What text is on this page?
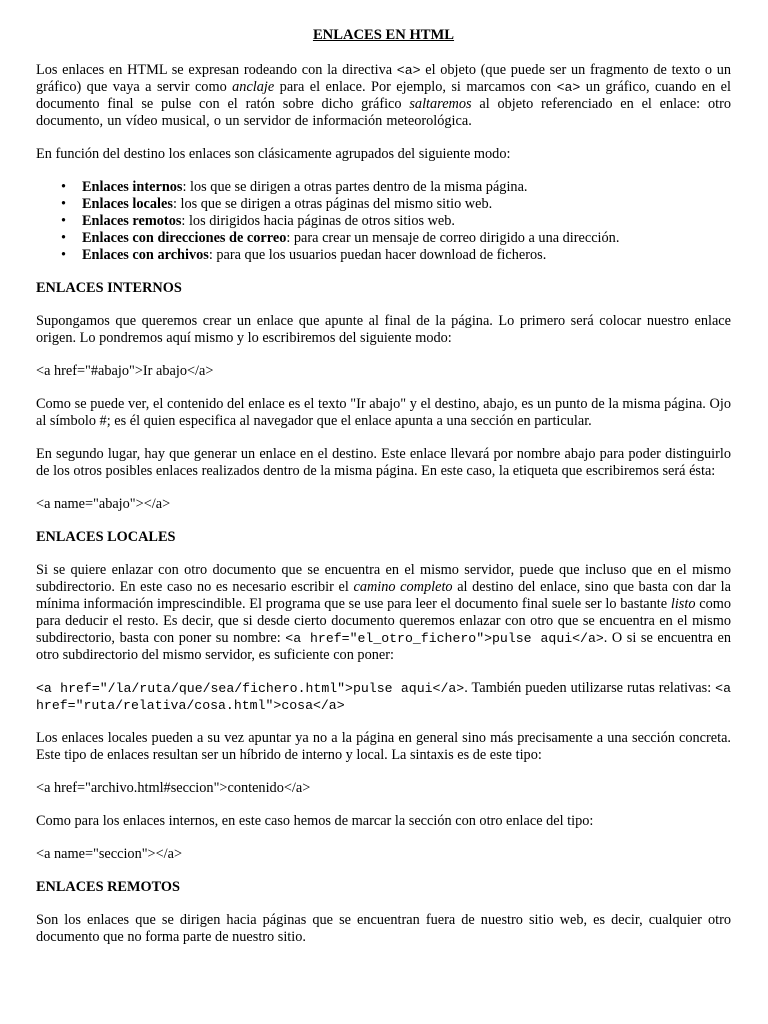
ENLACES EN HTML

Los enlaces en HTML se expresan rodeando con la directiva <a> el objeto (que puede ser un fragmento de texto o un gráfico) que vaya a servir como anclaje para el enlace. Por ejemplo, si marcamos con <a> un gráfico, cuando en el documento final se pulse con el ratón sobre dicho gráfico saltaremos al objeto referenciado en el enlace: otro documento, un vídeo musical, o un servidor de información meteorológica.

En función del destino los enlaces son clásicamente agrupados del siguiente modo:

• Enlaces internos: los que se dirigen a otras partes dentro de la misma página.
• Enlaces locales: los que se dirigen a otras páginas del mismo sitio web.
• Enlaces remotos: los dirigidos hacia páginas de otros sitios web.
• Enlaces con direcciones de correo: para crear un mensaje de correo dirigido a una dirección.
• Enlaces con archivos: para que los usuarios puedan hacer download de ficheros.

ENLACES INTERNOS

Supongamos que queremos crear un enlace que apunte al final de la página. Lo primero será colocar nuestro enlace origen. Lo pondremos aquí mismo y lo escribiremos del siguiente modo:

<a href="#abajo">Ir abajo</a>

Como se puede ver, el contenido del enlace es el texto "Ir abajo" y el destino, abajo, es un punto de la misma página. Ojo al símbolo #; es él quien especifica al navegador que el enlace apunta a una sección en particular.

En segundo lugar, hay que generar un enlace en el destino. Este enlace llevará por nombre abajo para poder distinguirlo de los otros posibles enlaces realizados dentro de la misma página. En este caso, la etiqueta que escribiremos será ésta:

<a name="abajo"></a>

ENLACES LOCALES

Si se quiere enlazar con otro documento que se encuentra en el mismo servidor, puede que incluso que en el mismo subdirectorio. En este caso no es necesario escribir el camino completo al destino del enlace, sino que basta con dar la mínima información imprescindible. El programa que se use para leer el documento final suele ser lo bastante listo como para deducir el resto. Es decir, que si desde cierto documento queremos enlazar con otro que se encuentra en el mismo subdirectorio, basta con poner su nombre: <a href="el_otro_fichero">pulse aqui</a>. O si se encuentra en otro subdirectorio del mismo servidor, es suficiente con poner:

<a href="/la/ruta/que/sea/fichero.html">pulse aqui</a>. También pueden utilizarse rutas relativas: <a href="ruta/relativa/cosa.html">cosa</a>

Los enlaces locales pueden a su vez apuntar ya no a la página en general sino más precisamente a una sección concreta. Este tipo de enlaces resultan ser un híbrido de interno y local. La sintaxis es de este tipo:

<a href="archivo.html#seccion">contenido</a>

Como para los enlaces internos, en este caso hemos de marcar la sección con otro enlace del tipo:

<a name="seccion"></a>

ENLACES REMOTOS

Son los enlaces que se dirigen hacia páginas que se encuentran fuera de nuestro sitio web, es decir, cualquier otro documento que no forma parte de nuestro sitio.
